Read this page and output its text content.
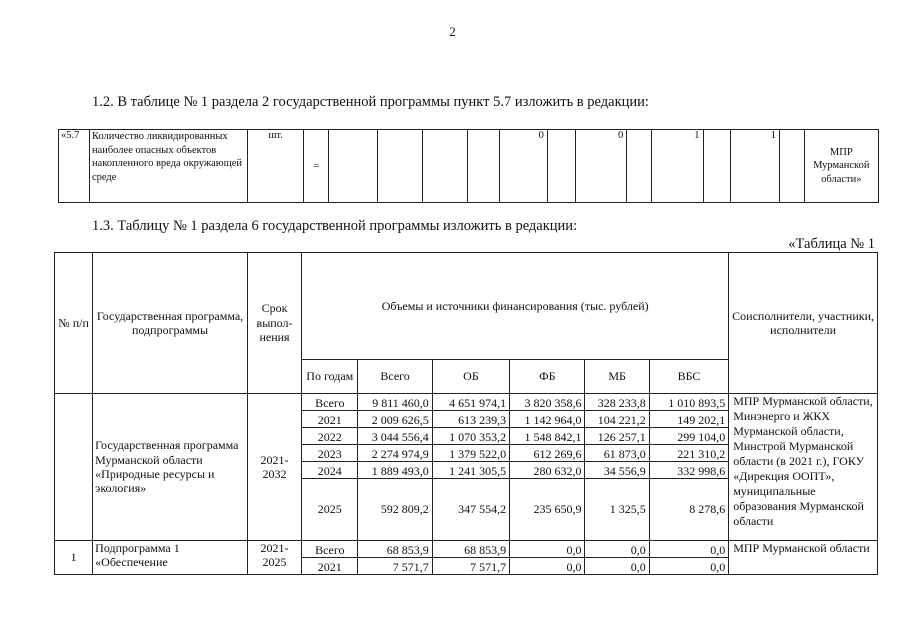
2
1.2. В таблице № 1 раздела 2 государственной программы пункт 5.7 изложить в редакции:
«5.7	Количество ликвидированных наиболее опасных объектов накопленного вреда окружающей среде	шт.	=					0		0		1		1		МПР Мурманской области»
1.3. Таблицу № 1 раздела 6 государственной программы изложить в редакции:
«Таблица № 1
№ п/п	Государственная программа, подпрограммы	Срок выпол-нения	Объемы и источники финансирования (тыс. рублей)						Соисполнители, участники, исполнители
			По годам	Всего	ОБ	ФБ	МБ	ВБС	
	Государственная программа Мурманской области «Природные ресурсы и экология»	2021-2032	Всего	9 811 460,0	4 651 974,1	3 820 358,6	328 233,8	1 010 893,5	МПР Мурманской области, Минэнерго и ЖКХ Мурманской области, Минстрой Мурманской области (в 2021 г.), ГОКУ «Дирекция ООПТ», муниципальные образования Мурманской области
			2021	2 009 626,5	613 239,3	1 142 964,0	104 221,2	149 202,1	
			2022	3 044 556,4	1 070 353,2	1 548 842,1	126 257,1	299 104,0	
			2023	2 274 974,9	1 379 522,0	612 269,6	61 873,0	221 310,2	
			2024	1 889 493,0	1 241 305,5	280 632,0	34 556,9	332 998,6	
			2025	592 809,2	347 554,2	235 650,9	1 325,5	8 278,6	
1	Подпрограмма 1 «Обеспечение	2021-2025	Всего	68 853,9	68 853,9	0,0	0,0	0,0	МПР Мурманской области
			2021	7 571,7	7 571,7	0,0	0,0	0,0	
